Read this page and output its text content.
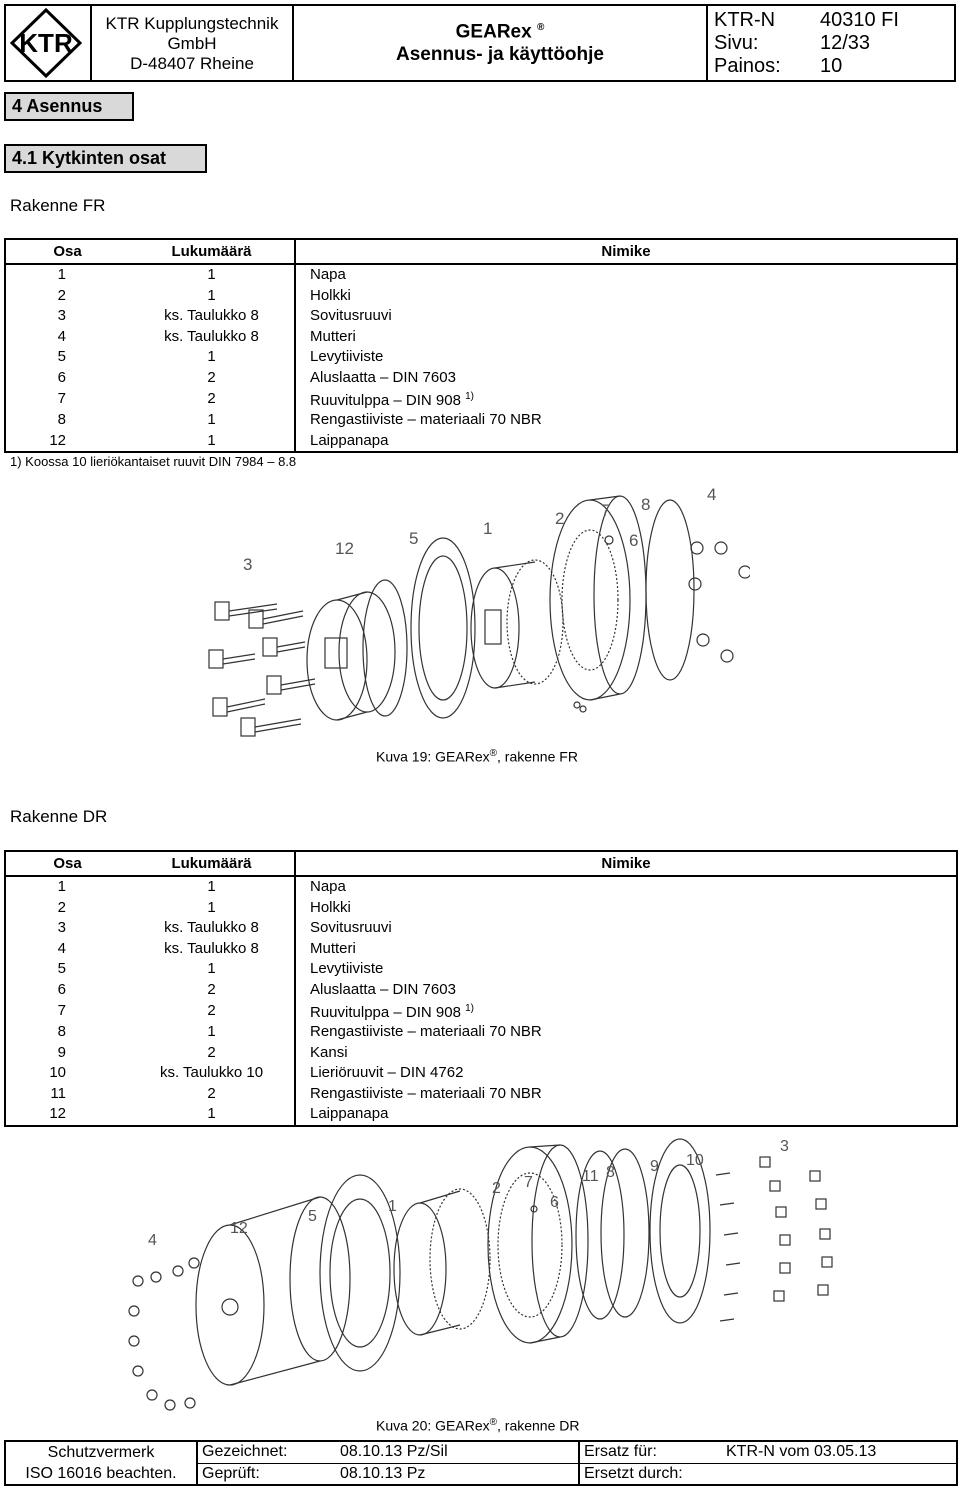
KTR
KTR Kupplungstechnik
GmbH
D-48407 Rheine
GEARex ®
Asennus- ja käyttöohje
KTR-N 40310 FI
Sivu:	12/33
Painos: 10
4 Asennus
4.1 Kytkinten osat
Rakenne FR
Osa	Lukumäärä	Nimike
1	1	Napa
2	1	Holkki
3	ks. Taulukko 8	Sovitusruuvi
4	ks. Taulukko 8	Mutteri
5	1	Levytiiviste
6	2	Aluslaatta – DIN 7603
7	2	Ruuvitulppa – DIN 908 $^{1)}$
8	1	Rengastiiviste – materiaali 70 NBR
12	1	Laippanapa
1) Koossa 10 lieriökantaiset ruuvit DIN 7984 – 8.8
3
12
5
1
2 7
6
8
4
Kuva 19: GEARex®, rakenne FR
Rakenne DR
Osa	Lukumäärä	Nimike
1	1	Napa
2	1	Holkki
3	ks. Taulukko 8	Sovitusruuvi
4	ks. Taulukko 8	Mutteri
5	1	Levytiiviste
6	2	Aluslaatta – DIN 7603
7	2	Ruuvitulppa – DIN 908 $^{1)}$
8	1	Rengastiiviste – materiaali 70 NBR
9	2	Kansi
10	ks. Taulukko 10	Lieriöruuvit – DIN 4762
11	2	Rengastiiviste – materiaali 70 NBR
12	1	Laippanapa
4
12
5
1
2 7
6
11 8 9 10
3
Kuva 20: GEARex®, rakenne DR
Schutzvermerk
ISO 16016 beachten.
Gezeichnet:	08.10.13 Pz/Sil
Geprüft:	08.10.13 Pz
Ersatz für:	KTR-N vom 03.05.13
Ersetzt durch:
